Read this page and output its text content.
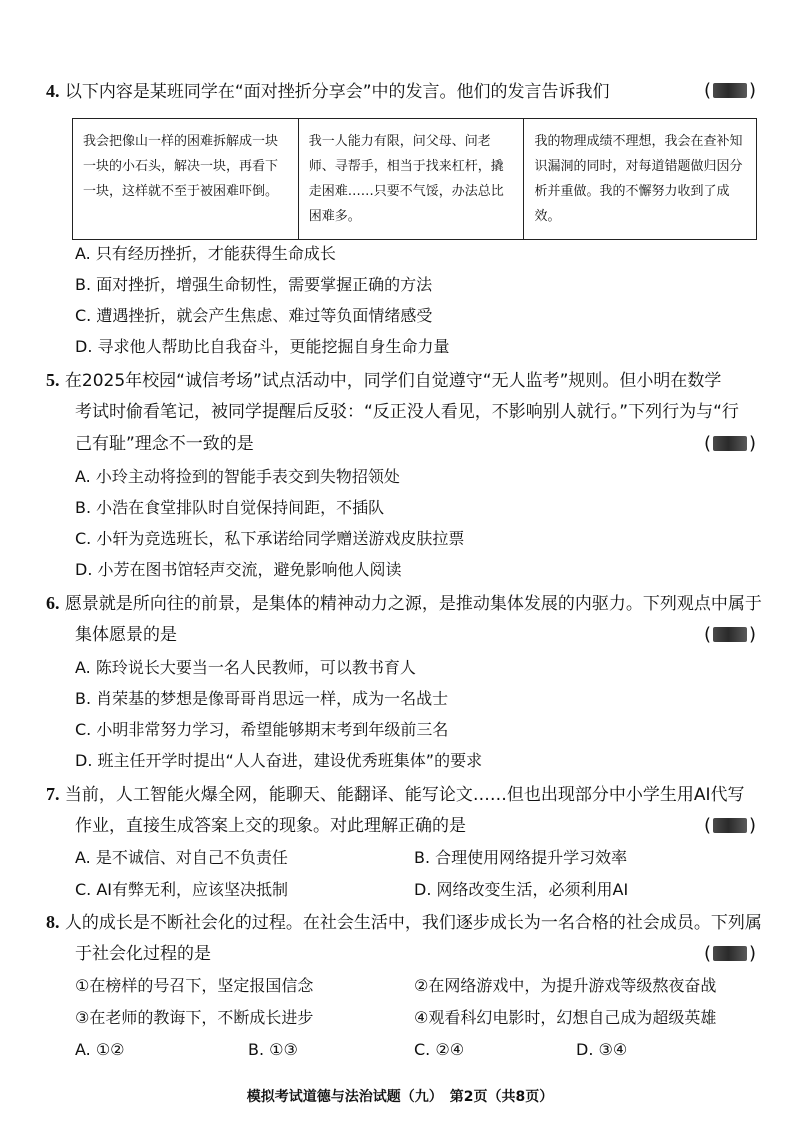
4. 以下内容是某班同学在“面对挫折分享会”中的发言。他们的发言告诉我们	( )
我会把像山一样的困难拆解成一块一块的小石头，解决一块，再看下一块，这样就不至于被困难吓倒。	我一人能力有限，问父母、问老师、寻帮手，相当于找来杠杆，撬走困难……只要不气馁，办法总比困难多。	我的物理成绩不理想，我会在查补知识漏洞的同时，对每道错题做归因分析并重做。我的不懈努力收到了成效。
A. 只有经历挫折，才能获得生命成长
B. 面对挫折，增强生命韧性，需要掌握正确的方法
C. 遭遇挫折，就会产生焦虑、难过等负面情绪感受
D. 寻求他人帮助比自我奋斗，更能挖掘自身生命力量
5. 在2025年校园“诚信考场”试点活动中，同学们自觉遵守“无人监考”规则。但小明在数学
考试时偷看笔记，被同学提醒后反驳：“反正没人看见，不影响别人就行。”下列行为与“行
己有耻”理念不一致的是	( )
A. 小玲主动将捡到的智能手表交到失物招领处
B. 小浩在食堂排队时自觉保持间距，不插队
C. 小轩为竞选班长，私下承诺给同学赠送游戏皮肤拉票
D. 小芳在图书馆轻声交流，避免影响他人阅读
6. 愿景就是所向往的前景，是集体的精神动力之源，是推动集体发展的内驱力。下列观点中属于
集体愿景的是	( )
A. 陈玲说长大要当一名人民教师，可以教书育人
B. 肖荣基的梦想是像哥哥肖思远一样，成为一名战士
C. 小明非常努力学习，希望能够期末考到年级前三名
D. 班主任开学时提出“人人奋进，建设优秀班集体”的要求
7. 当前，人工智能火爆全网，能聊天、能翻译、能写论文……但也出现部分中小学生用AI代写
作业，直接生成答案上交的现象。对此理解正确的是	( )
A. 是不诚信、对自己不负责任	B. 合理使用网络提升学习效率
C. AI有弊无利，应该坚决抵制	D. 网络改变生活，必须利用AI
8. 人的成长是不断社会化的过程。在社会生活中，我们逐步成长为一名合格的社会成员。下列属
于社会化过程的是	( )
①在榜样的号召下，坚定报国信念	②在网络游戏中，为提升游戏等级熬夜奋战
③在老师的教诲下，不断成长进步	④观看科幻电影时，幻想自己成为超级英雄
A. ①②	B. ①③	C. ②④	D. ③④
模拟考试道德与法治试题（九）　第2页（共8页）
